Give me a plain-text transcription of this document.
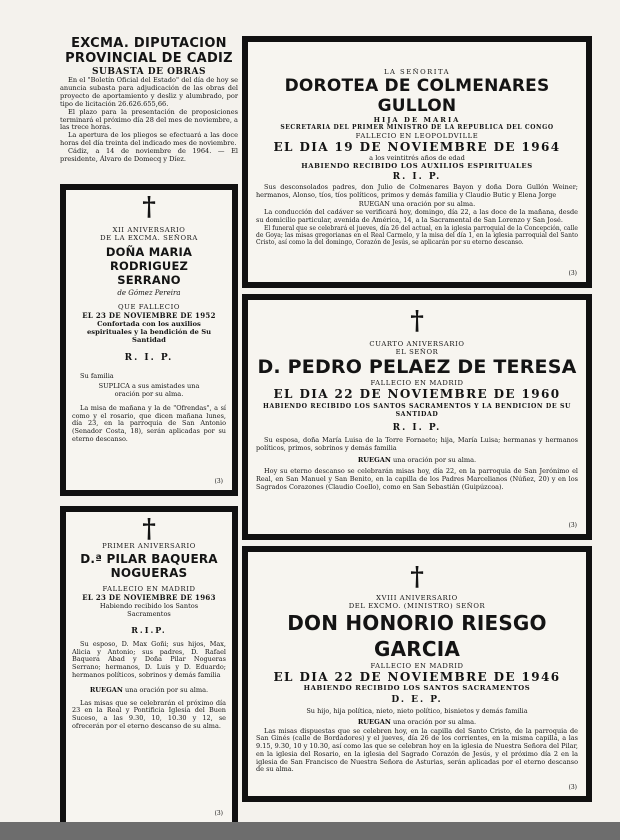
EXCMA. DIPUTACION
PROVINCIAL DE CADIZ
SUBASTA DE OBRAS

En el "Boletín Oficial del Estado" del día de hoy se anuncia subasta para adjudicación de las obras del proyecto de aportamiento y desliz y alumbrado, por tipo de licitación 26.626.655,66.

El plazo para la presentación de proposiciones terminará el próximo día 28 del mes de noviembre, a las trece horas.

La apertura de los pliegos se efectuará a las doce horas del día treinta del indicado mes de noviembre.

Cádiz, a 14 de noviembre de 1964. — El presidente, Álvaro de Domecq y Díez.

†
XII ANIVERSARIO
DE LA EXCMA. SEÑORA
DOÑA MARIA RODRIGUEZ
SERRANO
de Gómez Pereira
QUE FALLECIO
EL 23 DE NOVIEMBRE DE 1952
Confortada con los auxilios espirituales y la bendición de Su Santidad
R. I. P.
Su familia
SUPLICA a sus amistades una oración por su alma.

La misa de mañana y la de "Ofrendas", a sí como y el rosario, que dicen mañana lunes, día 23, en la parroquia de San Antonio (Senador Costa, 18), serán aplicadas por su eterno descanso.

(3)
†
PRIMER ANIVERSARIO
D.ª PILAR BAQUERA
NOGUERAS
FALLECIO EN MADRID
EL 23 DE NOVIEMBRE DE 1963
Habiendo recibido los Santos Sacramentos
R.I.P.

Su esposo, D. Max Goñi; sus hijos, Max, Alicia y Antonio; sus padres, D. Rafael Baquera Abad y Doña Pilar Nogueras Serrano; hermanos, D. Luis y D. Eduardo; hermanos políticos, sobrinos y demás familia

RUEGAN una oración por su alma.

Las misas que se celebrarán el próximo día 23 en la Real y Pontificia Iglesia del Buen Suceso, a las 9.30, 10, 10.30 y 12, se ofrecerán por el eterno descanso de su alma.

(3)
LA SEÑORITA
DOROTEA DE COLMENARES GULLON
HIJA DE MARIA
SECRETARIA DEL PRIMER MINISTRO DE LA REPUBLICA DEL CONGO
FALLECIO EN LEOPOLDVILLE
EL DIA 19 DE NOVIEMBRE DE 1964
a los veintitrés años de edad
HABIENDO RECIBIDO LOS AUXILIOS ESPIRITUALES
R. I. P.

Sus desconsolados padres, don Julio de Colmenares Bayon y doña Dora Gullón Weiner; hermanos, Alonso, tíos, tíos políticos, primos y demás familia y Claudio Butic y Elena Jorge

RUEGAN una oración por su alma.

La conducción del cadáver se verificará hoy, domingo, día 22, a las doce de la mañana, desde su domicilio particular, avenida de América, 14, a la Sacramental de San Lorenzo y San José.

El funeral que se celebrará el jueves, día 26 del actual, en la iglesia parroquial de la Concepción, calle de Goya; las misas gregorianas en el Real Carmelo, y la misa del día 1, en la iglesia parroquial del Santo Cristo, así como la del domingo, Corazón de Jesús, se aplicarán por su eterno descanso.

(3)
†
CUARTO ANIVERSARIO
EL SEÑOR
D. PEDRO PELAEZ DE TERESA
FALLECIO EN MADRID
EL DIA 22 DE NOVIEMBRE DE 1960
HABIENDO RECIBIDO LOS SANTOS SACRAMENTOS Y LA BENDICION DE SU SANTIDAD
R. I. P.

Su esposa, doña María Luisa de la Torre Fornaeto; hija, María Luisa; hermanas y hermanos políticos, primos, sobrinos y demás familia

RUEGAN una oración por su alma.

Hoy su eterno descanso se celebrarán misas hoy, día 22, en la parroquia de San Jerónimo el Real, en San Manuel y San Benito, en la capilla de los Padres Marcelianos (Núñez, 20) y en los Sagrados Corazones (Claudio Coello), como en San Sebastián (Guipúzcoa).

(3)
†
XVIII ANIVERSARIO
DEL EXCMO. (MINISTRO) SEÑOR
DON HONORIO RIESGO GARCIA
FALLECIO EN MADRID
EL DIA 22 DE NOVIEMBRE DE 1946
HABIENDO RECIBIDO LOS SANTOS SACRAMENTOS
D. E. P.

Su hijo, hija política, nieto, nieto político, bisnietos y demás familia

RUEGAN una oración por su alma.

Las misas dispuestas que se celebren hoy, en la capilla del Santo Cristo, de la parroquia de San Ginés (calle de Bordadores) y el jueves, día 26 de los corrientes, en la misma capilla, a las 9.15, 9.30, 10 y 10.30, así como las que se celebran hoy en la iglesia de Nuestra Señora del Pilar, en la iglesia del Rosario, en la iglesia del Sagrado Corazón de Jesús, y el próximo día 2 en la iglesia de San Francisco de Nuestra Señora de Asturias, serán aplicadas por el eterno descanso de su alma.

(3)
